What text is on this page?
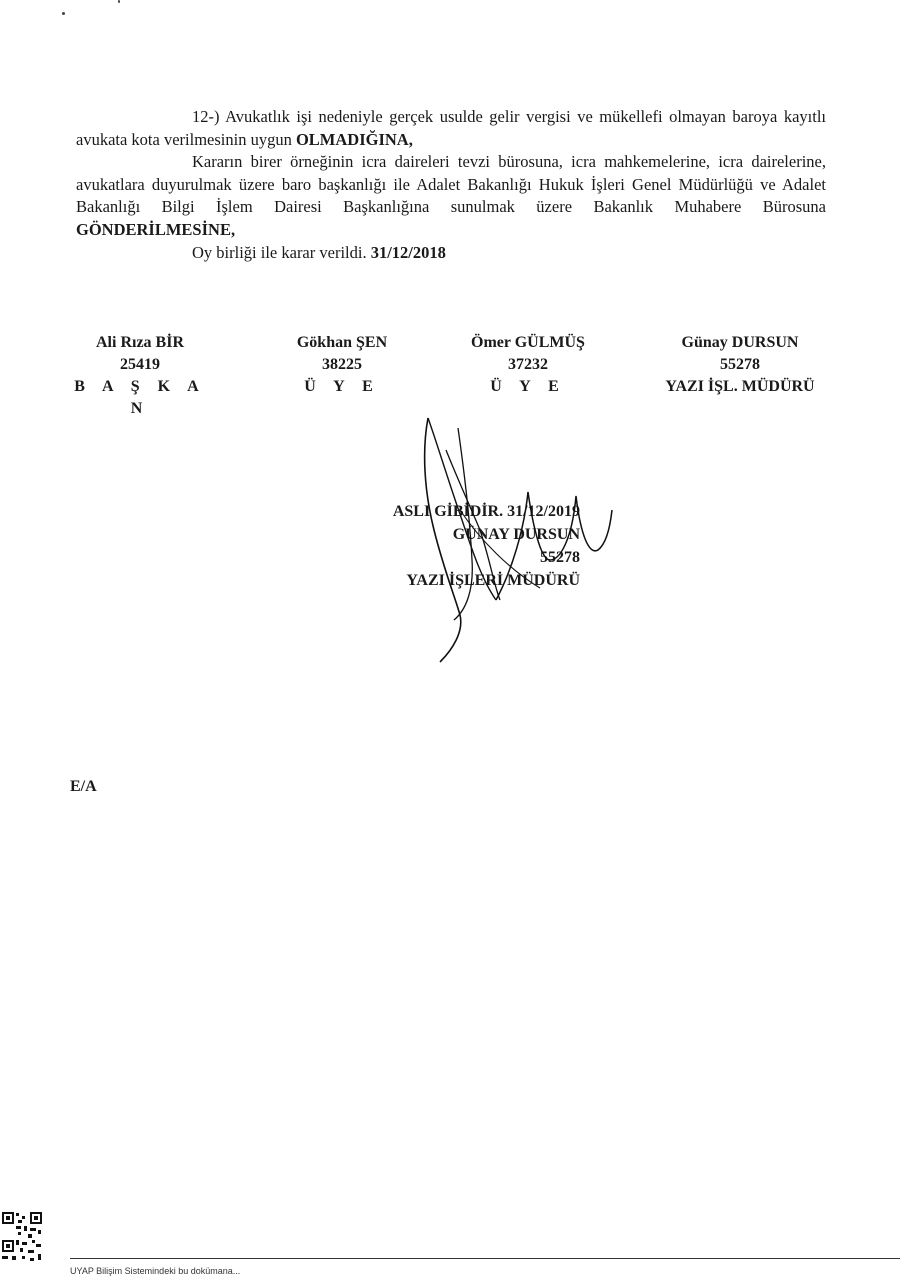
12-) Avukatlık işi nedeniyle gerçek usulde gelir vergisi ve mükellefi olmayan baroya kayıtlı avukata kota verilmesinin uygun OLMADIĞINA,
Kararın birer örneğinin icra daireleri tevzi bürosuna, icra mahkemelerine, icra dairelerine, avukatlara duyurulmak üzere baro başkanlığı ile Adalet Bakanlığı Hukuk İşleri Genel Müdürlüğü ve Adalet Bakanlığı Bilgi İşlem Dairesi Başkanlığına sunulmak üzere Bakanlık Muhabere Bürosuna GÖNDERİLMESİNE,
Oy birliği ile karar verildi. 31/12/2018
Ali Rıza BİR
25419
B A Ş K A N
Gökhan ŞEN
38225
Ü Y E
Ömer GÜLMÜŞ
37232
Ü Y E
Günay DURSUN
55278
YAZI İŞL. MÜDÜRÜ
ASLI GİBİDİR. 31/12/2019
GÜNAY DURSUN
55278
YAZI İŞLERİ MÜDÜRÜ
E/A
UYAP Bilişim Sistemindeki bu dokümana...
